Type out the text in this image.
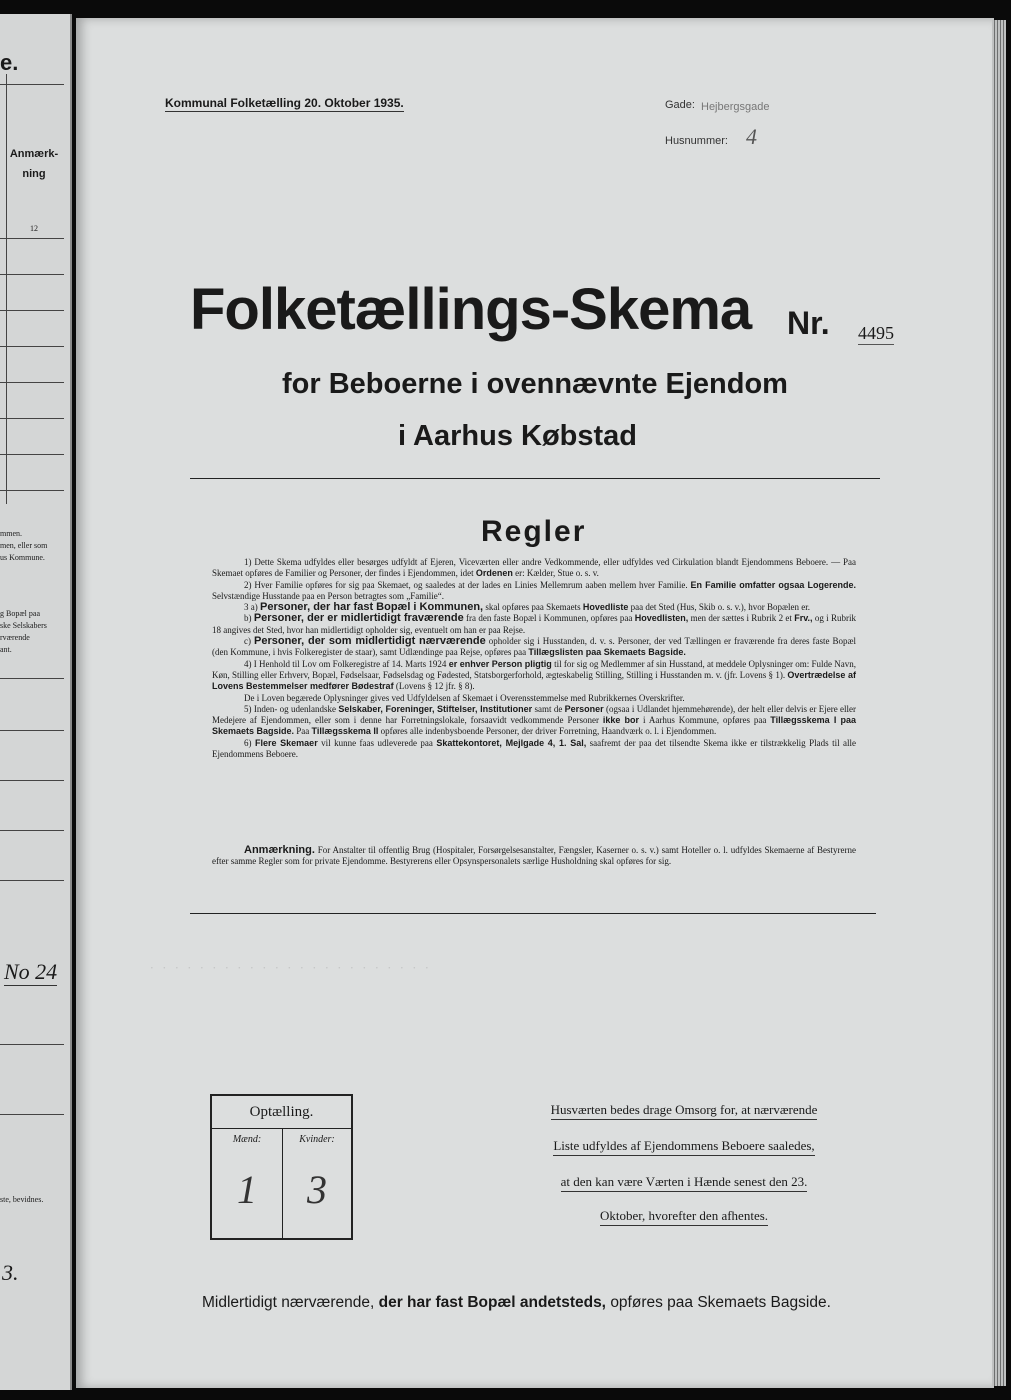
e.
Anmærk-
ning
12
mmen.
men, eller som
us Kommune.
g Bopæl paa
ske Selskabers
rværende
ant.
No 24
ste, bevidnes.
3.
Kommunal Folketælling 20. Oktober 1935.	Gade: Hejbergsgade
Husnummer: 4
Folketællings-Skema Nr. 4495
for Beboerne i ovennævnte Ejendom
i Aarhus Købstad
Regler

1) Dette Skema udfyldes eller besørges udfyldt af Ejeren, Viceværten eller andre Vedkommende, eller udfyldes ved Cirkulation blandt Ejendommens Beboere. — Paa Skemaet opføres de Familier og Personer, der findes i Ejendommen, idet Ordenen er: Kælder, Stue o. s. v.

2) Hver Familie opføres for sig paa Skemaet, og saaledes at der lades en Linies Mellemrum aaben mellem hver Familie. En Familie omfatter ogsaa Logerende. Selvstændige Husstande paa en Person betragtes som „Familie“.

3 a) Personer, der har fast Bopæl i Kommunen, skal opføres paa Skemaets Hovedliste paa det Sted (Hus, Skib o. s. v.), hvor Bopælen er.

b) Personer, der er midlertidigt fraværende fra den faste Bopæl i Kommunen, opføres paa Hovedlisten, men der sættes i Rubrik 2 et Frv., og i Rubrik 18 angives det Sted, hvor han midlertidigt opholder sig, eventuelt om han er paa Rejse.

c) Personer, der som midlertidigt nærværende opholder sig i Husstanden, d. v. s. Personer, der ved Tællingen er fraværende fra deres faste Bopæl (den Kommune, i hvis Folkeregister de staar), samt Udlændinge paa Rejse, opføres paa Tillægslisten paa Skemaets Bagside.

4) I Henhold til Lov om Folkeregistre af 14. Marts 1924 er enhver Person pligtig til for sig og Medlemmer af sin Husstand, at meddele Oplysninger om: Fulde Navn, Køn, Stilling eller Erhverv, Bopæl, Fødselsaar, Fødselsdag og Fødested, Statsborgerforhold, ægteskabelig Stilling, Stilling i Husstanden m. v. (jfr. Lovens § 1). Overtrædelse af Lovens Bestemmelser medfører Bødestraf (Lovens § 12 jfr. § 8).

De i Loven begærede Oplysninger gives ved Udfyldelsen af Skemaet i Overensstemmelse med Rubrikkernes Overskrifter.

5) Inden- og udenlandske Selskaber, Foreninger, Stiftelser, Institutioner samt de Personer (ogsaa i Udlandet hjemmehørende), der helt eller delvis er Ejere eller Medejere af Ejendommen, eller som i denne har Forretningslokale, forsaavidt vedkommende Personer ikke bor i Aarhus Kommune, opføres paa Tillægsskema I paa Skemaets Bagside. Paa Tillægsskema II opføres alle indenbysboende Personer, der driver Forretning, Haandværk o. l. i Ejendommen.

6) Flere Skemaer vil kunne faas udleverede paa Skattekontoret, Mejlgade 4, 1. Sal, saafremt der paa det tilsendte Skema ikke er tilstrækkelig Plads til alle Ejendommens Beboere.

Anmærkning. For Anstalter til offentlig Brug (Hospitaler, Forsørgelsesanstalter, Fængsler, Kaserner o. s. v.) samt Hoteller o. l. udfyldes Skemaerne af Bestyrerne efter samme Regler som for private Ejendomme. Bestyrerens eller Opsynspersonalets særlige Husholdning skal opføres for sig.
· · · · · · · · · · · · · · · · · · · · · · ·
Optælling.
Mænd:	Kvinder:
1	3
Husværten bedes drage Omsorg for, at nærværende
Liste udfyldes af Ejendommens Beboere saaledes,
at den kan være Værten i Hænde senest den 23.
Oktober, hvorefter den afhentes.
Midlertidigt nærværende, der har fast Bopæl andetsteds, opføres paa Skemaets Bagside.
